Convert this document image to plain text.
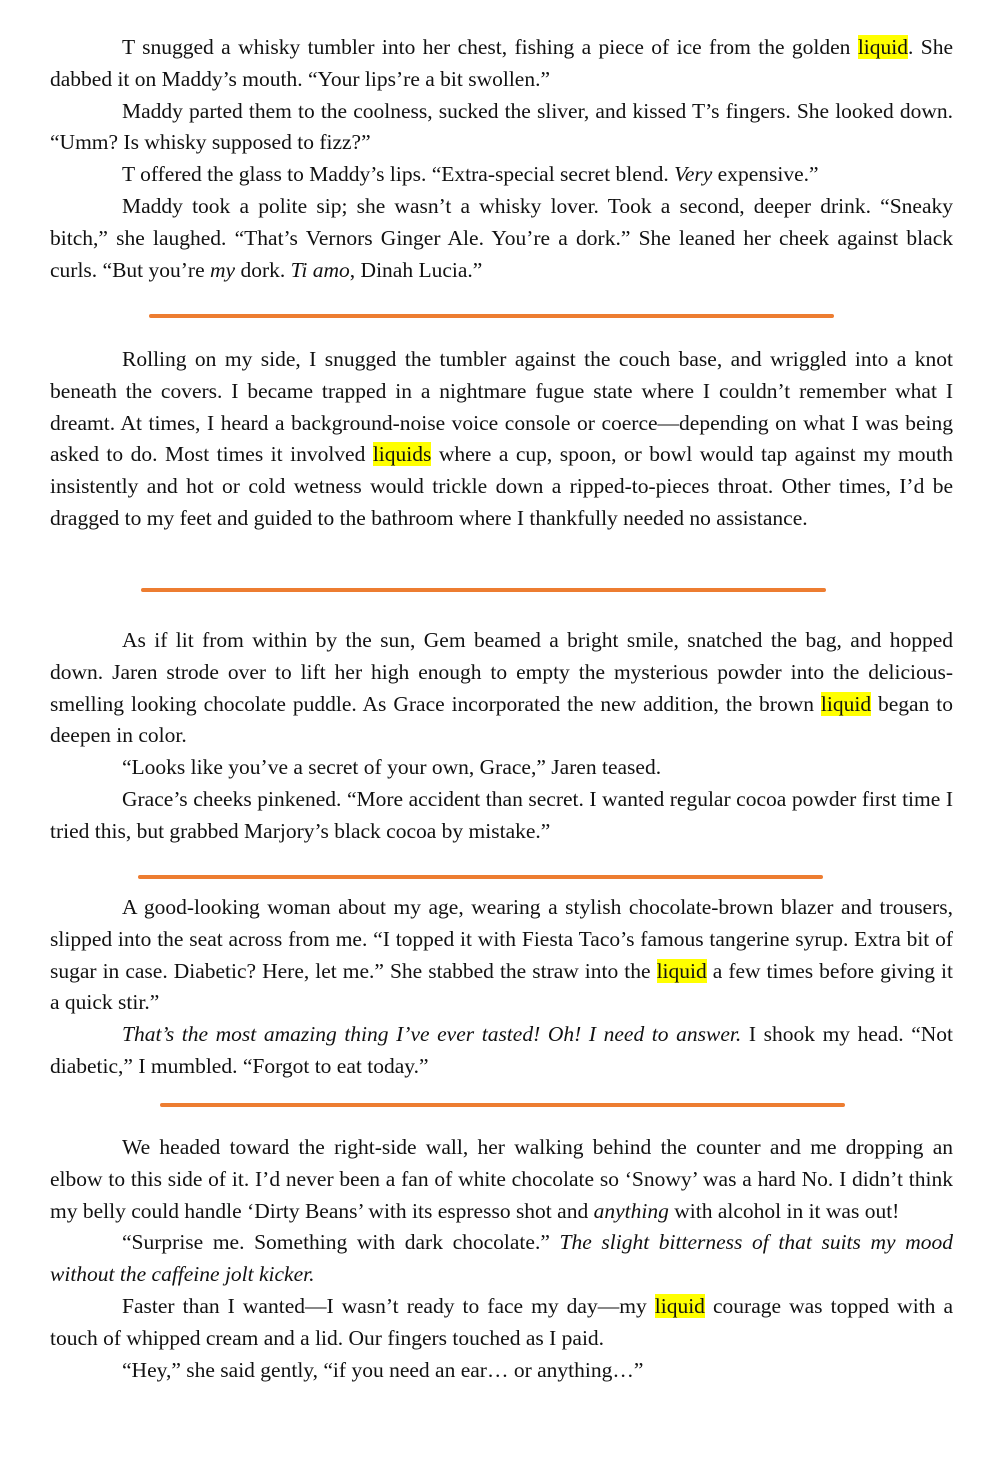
T snugged a whisky tumbler into her chest, fishing a piece of ice from the golden liquid. She dabbed it on Maddy’s mouth. “Your lips’re a bit swollen.”

Maddy parted them to the coolness, sucked the sliver, and kissed T’s fingers. She looked down. “Umm? Is whisky supposed to fizz?”

T offered the glass to Maddy’s lips. “Extra-special secret blend. Very expensive.”

Maddy took a polite sip; she wasn’t a whisky lover. Took a second, deeper drink. “Sneaky bitch,” she laughed. “That’s Vernors Ginger Ale. You’re a dork.” She leaned her cheek against black curls. “But you’re my dork. Ti amo, Dinah Lucia.”

Rolling on my side, I snugged the tumbler against the couch base, and wriggled into a knot beneath the covers. I became trapped in a nightmare fugue state where I couldn’t remember what I dreamt. At times, I heard a background-noise voice console or coerce—depending on what I was being asked to do. Most times it involved liquids where a cup, spoon, or bowl would tap against my mouth insistently and hot or cold wetness would trickle down a ripped-to-pieces throat. Other times, I’d be dragged to my feet and guided to the bathroom where I thankfully needed no assistance.

As if lit from within by the sun, Gem beamed a bright smile, snatched the bag, and hopped down. Jaren strode over to lift her high enough to empty the mysterious powder into the delicious-smelling looking chocolate puddle. As Grace incorporated the new addition, the brown liquid began to deepen in color.

“Looks like you’ve a secret of your own, Grace,” Jaren teased.

Grace’s cheeks pinkened. “More accident than secret. I wanted regular cocoa powder first time I tried this, but grabbed Marjory’s black cocoa by mistake.”

A good-looking woman about my age, wearing a stylish chocolate-brown blazer and trousers, slipped into the seat across from me. “I topped it with Fiesta Taco’s famous tangerine syrup. Extra bit of sugar in case. Diabetic? Here, let me.” She stabbed the straw into the liquid a few times before giving it a quick stir.”

That’s the most amazing thing I’ve ever tasted! Oh! I need to answer. I shook my head. “Not diabetic,” I mumbled. “Forgot to eat today.”

We headed toward the right-side wall, her walking behind the counter and me dropping an elbow to this side of it. I’d never been a fan of white chocolate so ‘Snowy’ was a hard No. I didn’t think my belly could handle ‘Dirty Beans’ with its espresso shot and anything with alcohol in it was out!

“Surprise me. Something with dark chocolate.” The slight bitterness of that suits my mood without the caffeine jolt kicker.

Faster than I wanted—I wasn’t ready to face my day—my liquid courage was topped with a touch of whipped cream and a lid. Our fingers touched as I paid.

“Hey,” she said gently, “if you need an ear… or anything…”
